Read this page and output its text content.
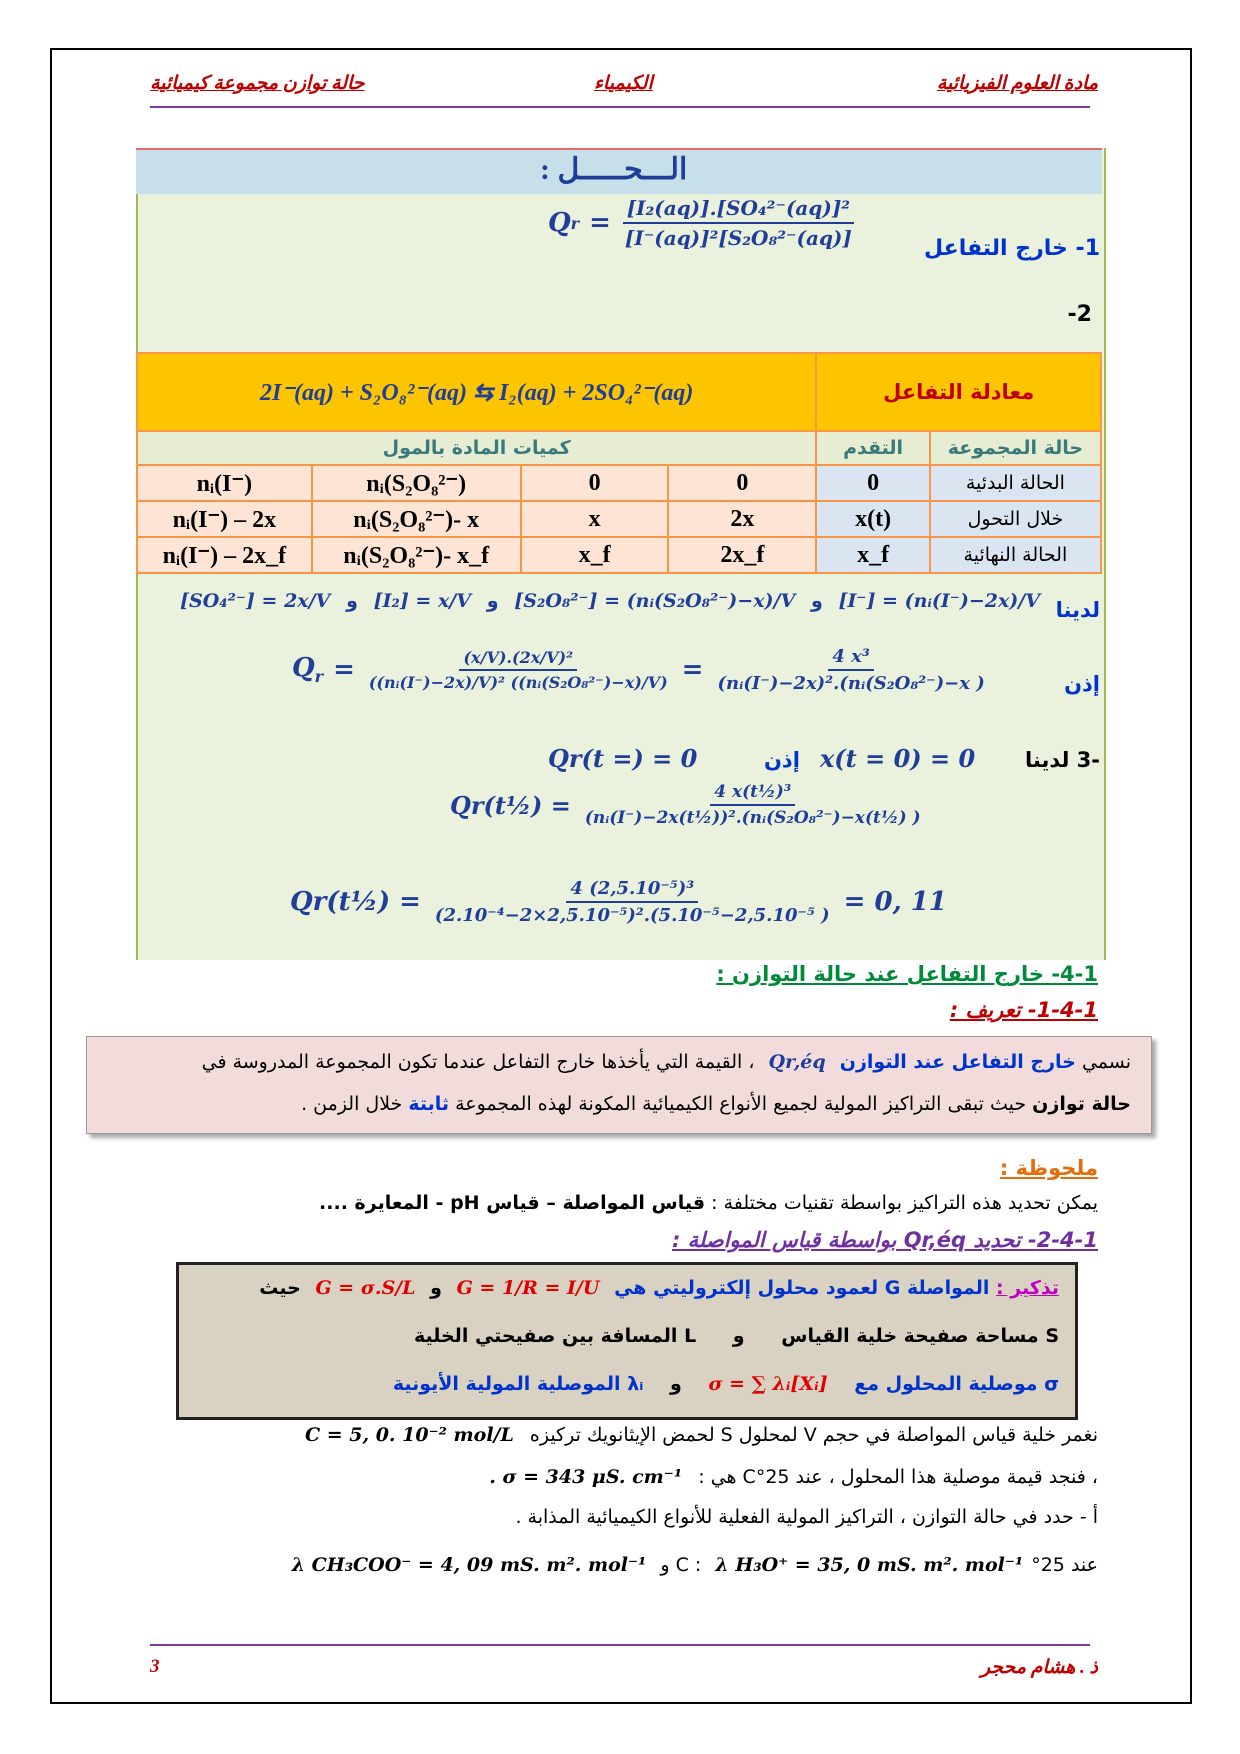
مادة العلوم الفيزيائية
الكيمياء
حالة توازن مجموعة كيميائية
الـــحـــــل :
1- خارج التفاعل
Q $r = \frac{\text{[I₂(aq)].[SO₄²⁻(aq)]²}}{\text{[I⁻(aq)]²[S₂O₈²⁻(aq)]}}$
-2
2I⁻(aq) + S₂O₈²⁻(aq) ⇆ I₂(aq) + 2SO₄²⁻(aq)				معادلة التفاعل	
كميات المادة بالمول				التقدم	حالة المجموعة
nᵢ(I⁻)	nᵢ(S₂O₈²⁻)	0	0	0	الحالة البدئية
nᵢ(I⁻) – 2x	nᵢ(S₂O₈²⁻)- x	x	2x	x(t)	خلال التحول
nᵢ(I⁻) – 2x_f	nᵢ(S₂O₈²⁻)- x_f	x_f	2x_f	x_f	الحالة النهائية
لدينا
[SO₄²⁻] = 2x/V و [I₂] = x/V و [S₂O₈²⁻] = (nᵢ(S₂O₈²⁻)−x)/V و [I⁻] = (nᵢ(I⁻)−2x)/V
إذن
$Q_r = \frac{\text{(x/V).(2x/V)²}}{\text{((nᵢ(I⁻)−2x)/V)² ((nᵢ(S₂O₈²⁻)−x)/V)}} = \frac{\text{4 x³}}{\text{(nᵢ(I⁻)−2x)².(nᵢ(S₂O₈²⁻)−x )}}$
-3 لدينا
x(t = 0) = 0
إذن
Qr(t =) = 0
Qr(t½) = $\frac{\text{4 x(t½)³}}{\text{(nᵢ(I⁻)−2x(t½))².(nᵢ(S₂O₈²⁻)−x(t½) )}}$
Qr(t½) = $\frac{\text{4 (2,5.10⁻⁵)³}}{\text{(2.10⁻⁴−2×2,5.10⁻⁵)².(5.10⁻⁵−2,5.10⁻⁵ )}} = 0$, 11
4-1- خارج التفاعل عند حالة التوازن :
1-4-1- تعريف :
نسمي خارج التفاعل عند التوازن Qr,éq ، القيمة التي يأخذها خارج التفاعل عندما تكون المجموعة المدروسة في
حالة توازن حيث تبقى التراكيز المولية لجميع الأنواع الكيميائية المكونة لهذه المجموعة ثابتة خلال الزمن .
ملحوظة :
يمكن تحديد هذه التراكيز بواسطة تقنيات مختلفة : قياس المواصلة – قياس pH - المعايرة ....
2-4-1- تحديد Qr,éq بواسطة قياس المواصلة :
تذكير : المواصلة G لعمود محلول إلكتروليتي هي G = 1/R = I/U و G = σ.S/L حيث
S مساحة صفيحة خلية القياس و L المسافة بين صفيحتي الخلية
σ موصلية المحلول مع σ = ∑ λᵢ[Xᵢ] و λᵢ الموصلية المولية الأيونية
نغمر خلية قياس المواصلة في حجم V لمحلول S لحمض الإيثانويك تركيزه C = 5, 0. 10⁻² mol/L
، فنجد قيمة موصلية هذا المحلول ، عند 25°C هي : σ = 343 μS. cm⁻¹ .
أ - حدد في حالة التوازن ، التراكيز المولية الفعلية للأنواع الكيميائية المذابة .
عند 25°C : λ H₃O⁺ = 35, 0 mS. m². mol⁻¹ و λ CH₃COO⁻ = 4, 09 mS. m². mol⁻¹
ذ . هشام محجر
3
